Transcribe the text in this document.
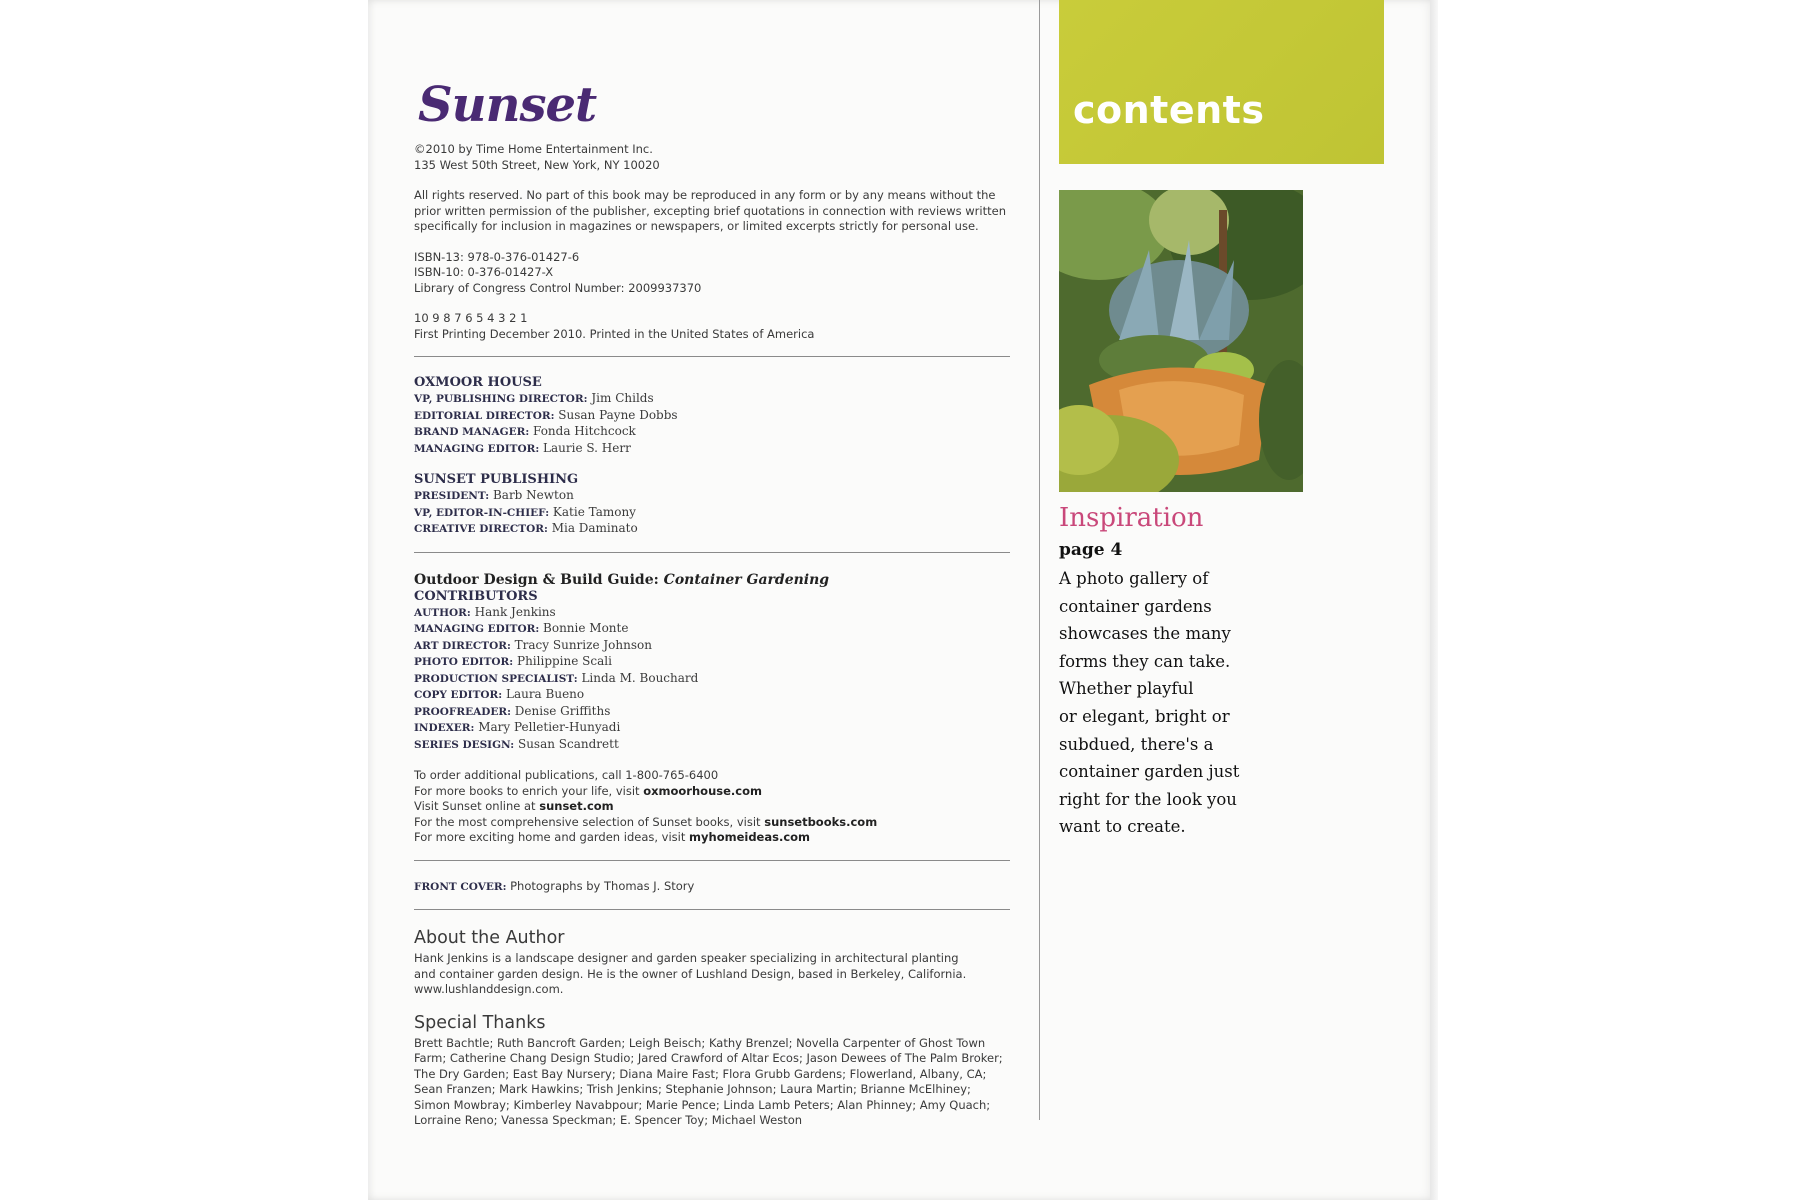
Sunset

©2010 by Time Home Entertainment Inc.

135 West 50th Street, New York, NY 10020

All rights reserved. No part of this book may be reproduced in any form or by any means without the

prior written permission of the publisher, excepting brief quotations in connection with reviews written

specifically for inclusion in magazines or newspapers, or limited excerpts strictly for personal use.

ISBN-13: 978-0-376-01427-6

ISBN-10: 0-376-01427-X

Library of Congress Control Number: 2009937370

10 9 8 7 6 5 4 3 2 1

First Printing December 2010. Printed in the United States of America

OXMOOR HOUSE

VP, PUBLISHING DIRECTOR: Jim Childs

EDITORIAL DIRECTOR: Susan Payne Dobbs

BRAND MANAGER: Fonda Hitchcock

MANAGING EDITOR: Laurie S. Herr

SUNSET PUBLISHING

PRESIDENT: Barb Newton

VP, EDITOR-IN-CHIEF: Katie Tamony

CREATIVE DIRECTOR: Mia Daminato

Outdoor Design & Build Guide: Container Gardening

CONTRIBUTORS

AUTHOR: Hank Jenkins

MANAGING EDITOR: Bonnie Monte

ART DIRECTOR: Tracy Sunrize Johnson

PHOTO EDITOR: Philippine Scali

PRODUCTION SPECIALIST: Linda M. Bouchard

COPY EDITOR: Laura Bueno

PROOFREADER: Denise Griffiths

INDEXER: Mary Pelletier-Hunyadi

SERIES DESIGN: Susan Scandrett

To order additional publications, call 1-800-765-6400

For more books to enrich your life, visit oxmoorhouse.com

Visit Sunset online at sunset.com

For the most comprehensive selection of Sunset books, visit sunsetbooks.com

For more exciting home and garden ideas, visit myhomeideas.com

FRONT COVER: Photographs by Thomas J. Story

About the Author

Hank Jenkins is a landscape designer and garden speaker specializing in architectural planting

and container garden design. He is the owner of Lushland Design, based in Berkeley, California.

www.lushlanddesign.com.

Special Thanks

Brett Bachtle; Ruth Bancroft Garden; Leigh Beisch; Kathy Brenzel; Novella Carpenter of Ghost Town

Farm; Catherine Chang Design Studio; Jared Crawford of Altar Ecos; Jason Dewees of The Palm Broker;

The Dry Garden; East Bay Nursery; Diana Maire Fast; Flora Grubb Gardens; Flowerland, Albany, CA;

Sean Franzen; Mark Hawkins; Trish Jenkins; Stephanie Johnson; Laura Martin; Brianne McElhiney;

Simon Mowbray; Kimberley Navabpour; Marie Pence; Linda Lamb Peters; Alan Phinney; Amy Quach;

Lorraine Reno; Vanessa Speckman; E. Spencer Toy; Michael Weston

contents
Inspiration
page 4
A photo gallery of
container gardens
showcases the many
forms they can take.
Whether playful
or elegant, bright or
subdued, there's a
container garden just
right for the look you
want to create.
